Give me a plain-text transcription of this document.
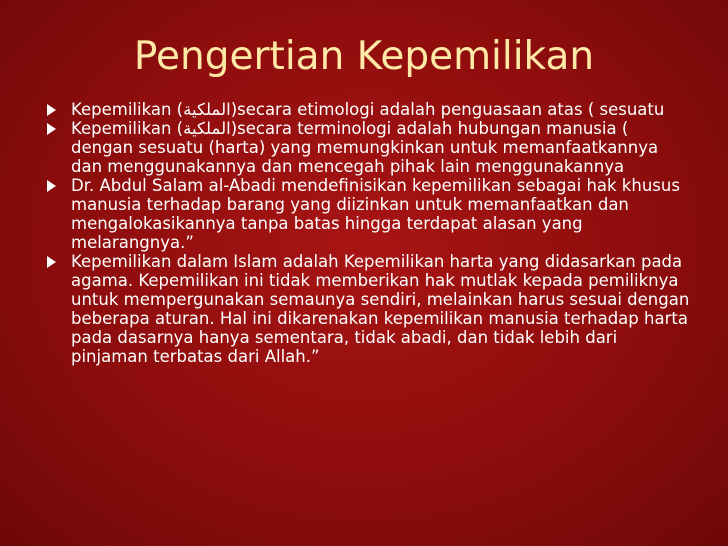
Pengertian Kepemilikan
Kepemilikan (الملكية)secara etimologi adalah penguasaan atas ( sesuatu
Kepemilikan (الملكية)secara terminologi adalah hubungan manusia ( dengan sesuatu (harta) yang memungkinkan untuk memanfaatkannya dan menggunakannya dan mencegah pihak lain menggunakannya
Dr. Abdul Salam al-Abadi mendefinisikan kepemilikan sebagai hak khusus manusia terhadap barang yang diizinkan untuk memanfaatkan dan mengalokasikannya tanpa batas hingga terdapat alasan yang melarangnya.”
Kepemilikan dalam Islam adalah Kepemilikan harta yang didasarkan pada agama. Kepemilikan ini tidak memberikan hak mutlak kepada pemiliknya untuk mempergunakan semaunya sendiri, melainkan harus sesuai dengan beberapa aturan. Hal ini dikarenakan kepemilikan manusia terhadap harta pada dasarnya hanya sementara, tidak abadi, dan tidak lebih dari pinjaman terbatas dari Allah.”
